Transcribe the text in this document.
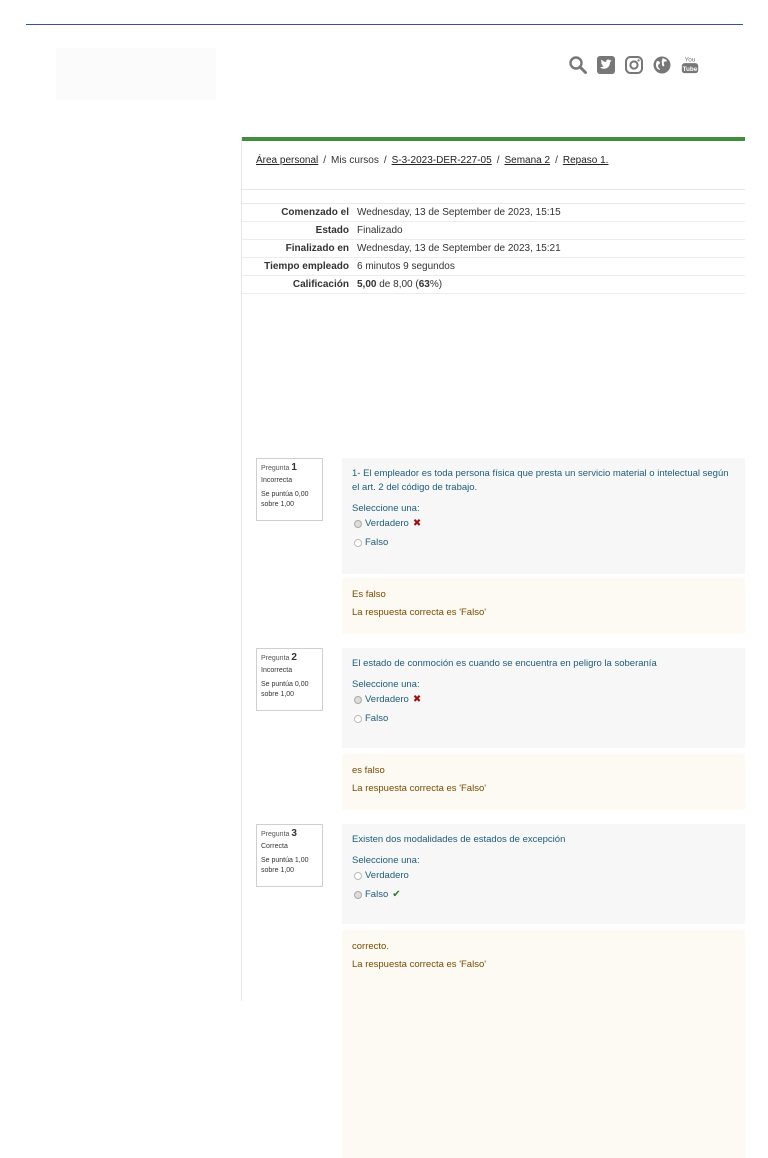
You
Tube
Área personal / Mis cursos / S-3-2023-DER-227-05 / Semana 2 / Repaso 1.
Comenzado el Wednesday, 13 de September de 2023, 15:15
Estado Finalizado
Finalizado en Wednesday, 13 de September de 2023, 15:21
Tiempo empleado 6 minutos 9 segundos
Calificación 5,00 de 8,00 (63%)
Pregunta 1
Incorrecta
Se puntúa 0,00 sobre 1,00
1- El empleador es toda persona física que presta un servicio material o intelectual según el art. 2 del código de trabajo.
Seleccione una:
Verdadero ✖
Falso
Es falso
La respuesta correcta es 'Falso'
Pregunta 2
Incorrecta
Se puntúa 0,00 sobre 1,00
El estado de conmoción es cuando se encuentra en peligro la soberanía
Seleccione una:
Verdadero ✖
Falso
es falso
La respuesta correcta es 'Falso'
Pregunta 3
Correcta
Se puntúa 1,00 sobre 1,00
Existen dos modalidades de estados de excepción
Seleccione una:
Verdadero
Falso ✔
correcto.
La respuesta correcta es 'Falso'
